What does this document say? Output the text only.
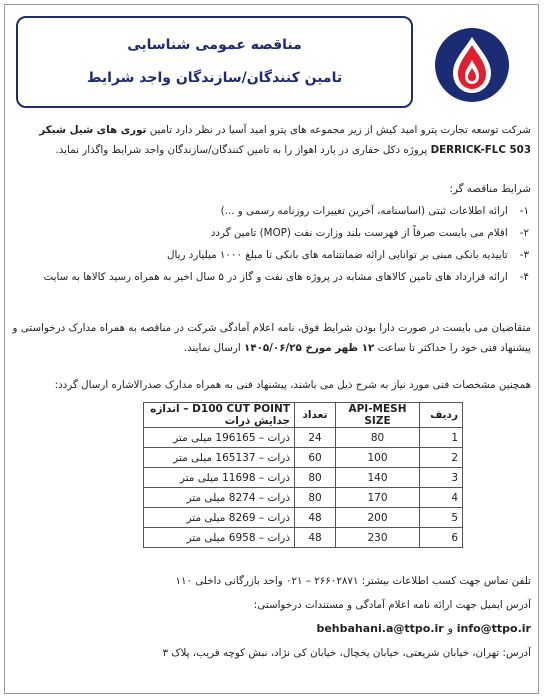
مناقصه عمومی شناسایی
تامین کنندگان/سازندگان واجد شرایط
شرکت توسعه تجارت پترو امید کیش از زیر مجموعه های پترو امید آسیا در نظر دارد تامین توری های شیل شیکر
DERRICK-FLC 503 پروژه دکل حفاری در یارد اهواز را به تامین کنندگان/سازندگان واجد شرایط واگذار نماید.
شرایط مناقصه گر:
۱- ارائه اطلاعات ثبتی (اساسنامه، آخرین تغییرات روزنامه رسمی و ...)
۲- اقلام می بایست صرفاً از فهرست بلند وزارت نفت (MOP) تامین گردد
۳- تاییدیه بانکی مبنی بر توانایی ارائه ضمانتنامه های بانکی تا مبلغ ۱۰۰۰ میلیارد ریال
۴- ارائه قرارداد های تامین کالاهای مشابه در پروژه های نفت و گاز در ۵ سال اخیر به همراه رسید کالاها به سایت
متقاضیان می بایست در صورت دارا بودن شرایط فوق، نامه اعلام آمادگی شرکت در مناقصه به همراه مدارک درخواستی و
پیشنهاد فنی خود را حداکثر تا ساعت ۱۲ ظهر مورخ ۱۴۰۵/۰۶/۲۵ ارسال نمایند.
همچنین مشخصات فنی مورد نیاز به شرح ذیل می باشند، پیشنهاد فنی به همراه مدارک صدرالاشاره ارسال گردد:
ردیف	API-MESH SIZE	تعداد	D100 CUT POINT – اندازه جدایش ذرات
1	80	24	ذرات – 196165 میلی متر
2	100	60	ذرات – 165137 میلی متر
3	140	80	ذرات – 11698 میلی متر
4	170	80	ذرات – 8274 میلی متر
5	200	48	ذرات – 8269 میلی متر
6	230	48	ذرات – 6958 میلی متر
تلفن تماس جهت کسب اطلاعات بیشتر: ۲۶۶۰۲۸۷۱ – ۰۲۱ واحد بازرگانی داخلی ۱۱۰
آدرس ایمیل جهت ارائه نامه اعلام آمادگی و مستندات درخواستی:
info@ttpo.ir و behbahani.a@ttpo.ir
آدرس: تهران، خیابان شریعتی، خیابان یخچال، خیابان کی نژاد، نبش کوچه قریب، پلاک ۳
